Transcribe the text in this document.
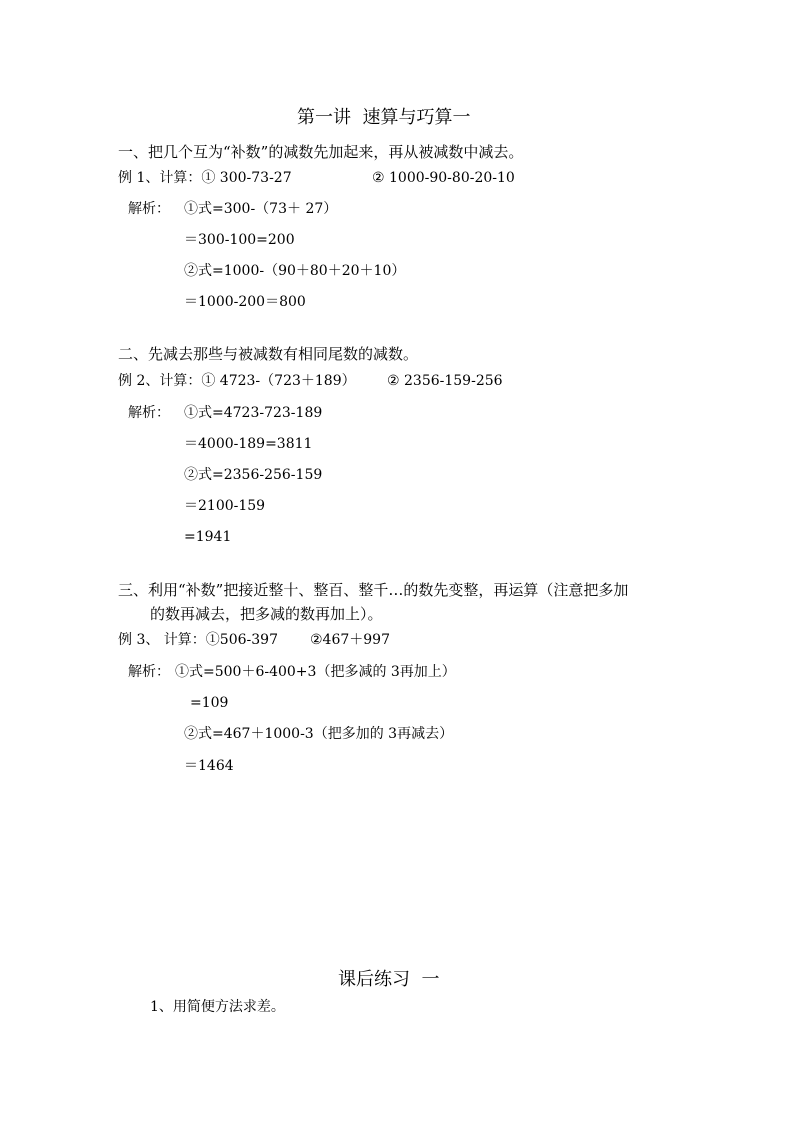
第一讲  速算与巧算一
一、把几个互为“补数”的减数先加起来，再从被减数中减去。
例 1、计算：① 300-73-27	② 1000-90-80-20-10
解析： ①式=300-（73＋ 27）
＝300-100=200
②式=1000-（90＋80＋20＋10）
＝1000-200＝800
二、先减去那些与被减数有相同尾数的减数。
例 2、计算：① 4723-（723＋189） ② 2356-159-256
解析： ①式=4723-723-189
＝4000-189=3811
②式=2356-256-159
＝2100-159
=1941
三、利用“补数”把接近整十、整百、整千…的数先变整，再运算（注意把多加
的数再减去，把多减的数再加上）。
例 3、 计算：①506-397 ②467＋997
解析： ①式=500＋6-400+3（把多减的 3再加上）
=109
②式=467＋1000-3（把多加的 3再减去）
＝1464
课后练习  一
1、用简便方法求差。
